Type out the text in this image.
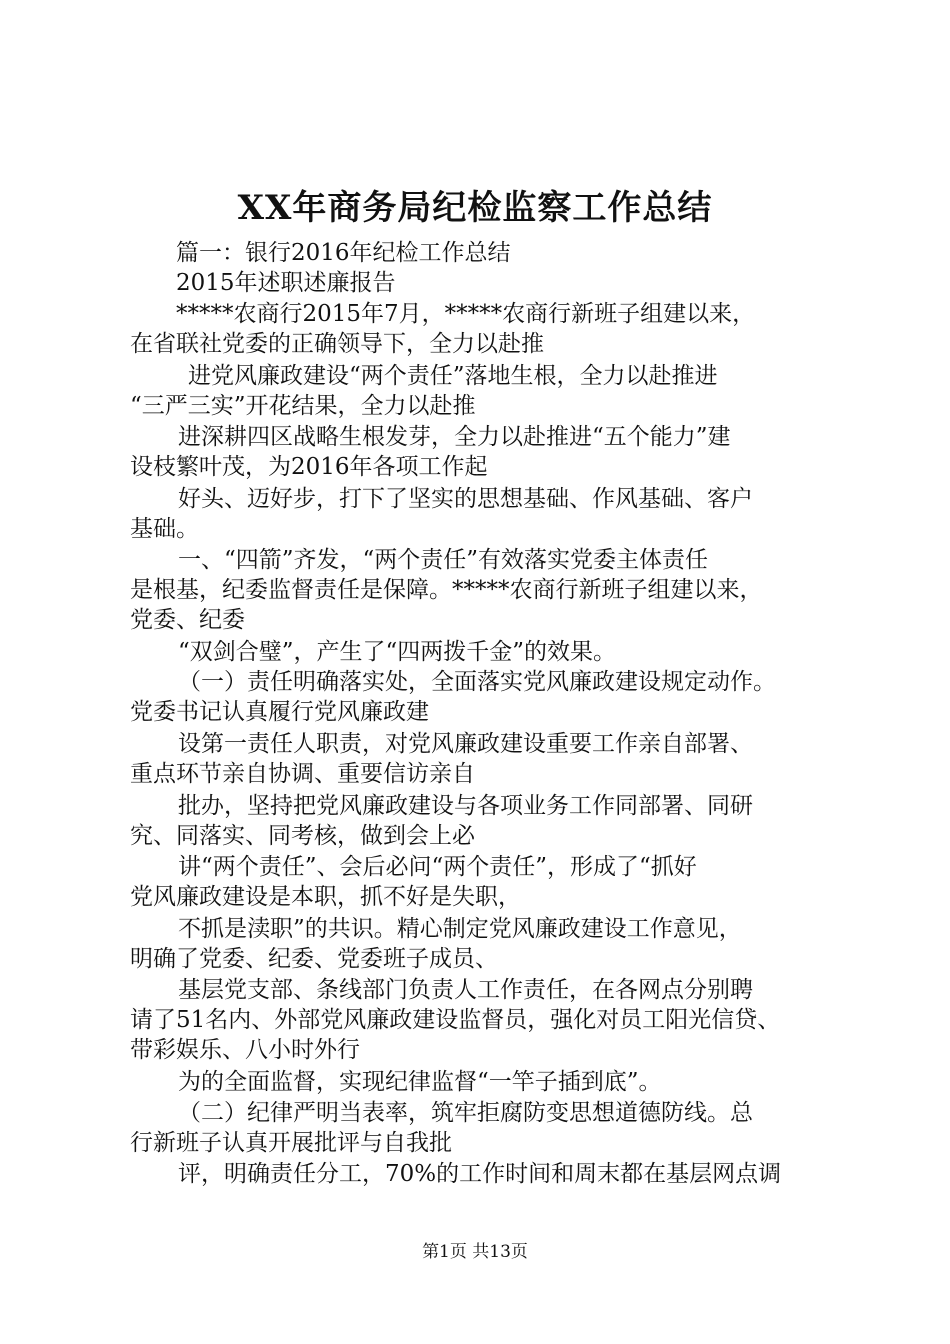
XX年商务局纪检监察工作总结
篇一：银行2016年纪检工作总结
2015年述职述廉报告
*****农商行2015年7月，*****农商行新班子组建以来，
在省联社党委的正确领导下，全力以赴推
进党风廉政建设“两个责任”落地生根，全力以赴推进
“三严三实”开花结果，全力以赴推
进深耕四区战略生根发芽，全力以赴推进“五个能力”建
设枝繁叶茂，为2016年各项工作起
好头、迈好步，打下了坚实的思想基础、作风基础、客户
基础。
一、“四箭”齐发，“两个责任”有效落实党委主体责任
是根基，纪委监督责任是保障。*****农商行新班子组建以来，
党委、纪委
“双剑合璧”，产生了“四两拨千金”的效果。
（一）责任明确落实处，全面落实党风廉政建设规定动作。
党委书记认真履行党风廉政建
设第一责任人职责，对党风廉政建设重要工作亲自部署、
重点环节亲自协调、重要信访亲自
批办，坚持把党风廉政建设与各项业务工作同部署、同研
究、同落实、同考核，做到会上必
讲“两个责任”、会后必问“两个责任”，形成了“抓好
党风廉政建设是本职，抓不好是失职，
不抓是渎职”的共识。精心制定党风廉政建设工作意见，
明确了党委、纪委、党委班子成员、
基层党支部、条线部门负责人工作责任，在各网点分别聘
请了51名内、外部党风廉政建设监督员，强化对员工阳光信贷、
带彩娱乐、八小时外行
为的全面监督，实现纪律监督“一竿子插到底”。
（二）纪律严明当表率，筑牢拒腐防变思想道德防线。总
行新班子认真开展批评与自我批
评，明确责任分工，70%的工作时间和周末都在基层网点调
第1页 共13页
